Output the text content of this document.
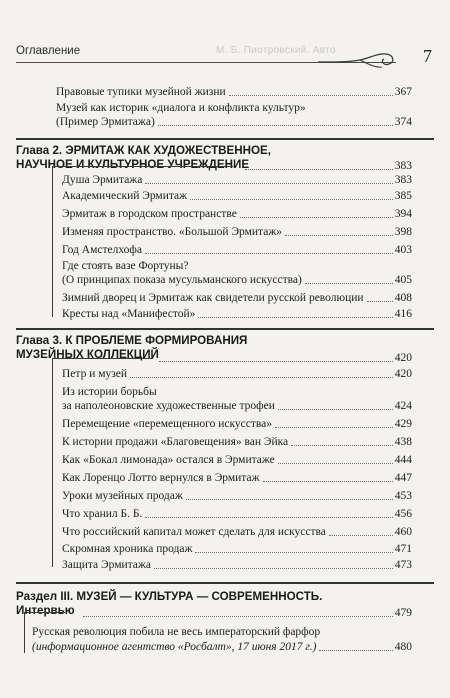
Оглавление	М. Б. Пиотровский. Авто	7
Правовые тупики музейной жизни	367
Музей как историк «диалога и конфликта культур»
(Пример Эрмитажа)	374
Глава 2. ЭРМИТАЖ КАК ХУДОЖЕСТВЕННОЕ,
НАУЧНОЕ И КУЛЬТУРНОЕ УЧРЕЖДЕНИЕ	383
Душа Эрмитажа	383
Академический Эрмитаж	385
Эрмитаж в городском пространстве	394
Изменяя пространство. «Большой Эрмитаж»	398
Год Амстелхофа	403
Где стоять вазе Фортуны?
(О принципах показа мусульманского искусства)	405
Зимний дворец и Эрмитаж как свидетели русской революции	408
Кресты над «Манифестой»	416
Глава 3. К ПРОБЛЕМЕ ФОРМИРОВАНИЯ
МУЗЕЙНЫХ КОЛЛЕКЦИЙ	420
Петр и музей	420
Из истории борьбы
за наполеоновские художественные трофеи	424
Перемещение «перемещенного искусства»	429
К истории продажи «Благовещения» ван Эйка	438
Как «Бокал лимонада» остался в Эрмитаже	444
Как Лоренцо Лотто вернулся в Эрмитаж	447
Уроки музейных продаж	453
Что хранил Б. Б.	456
Что российский капитал может сделать для искусства	460
Скромная хроника продаж	471
Защита Эрмитажа	473
Раздел III. МУЗЕЙ — КУЛЬТУРА — СОВРЕМЕННОСТЬ.
Интервью	479
Русская революция побила не весь императорский фарфор
(информационное агентство «Росбалт», 17 июня 2017 г.)	480
